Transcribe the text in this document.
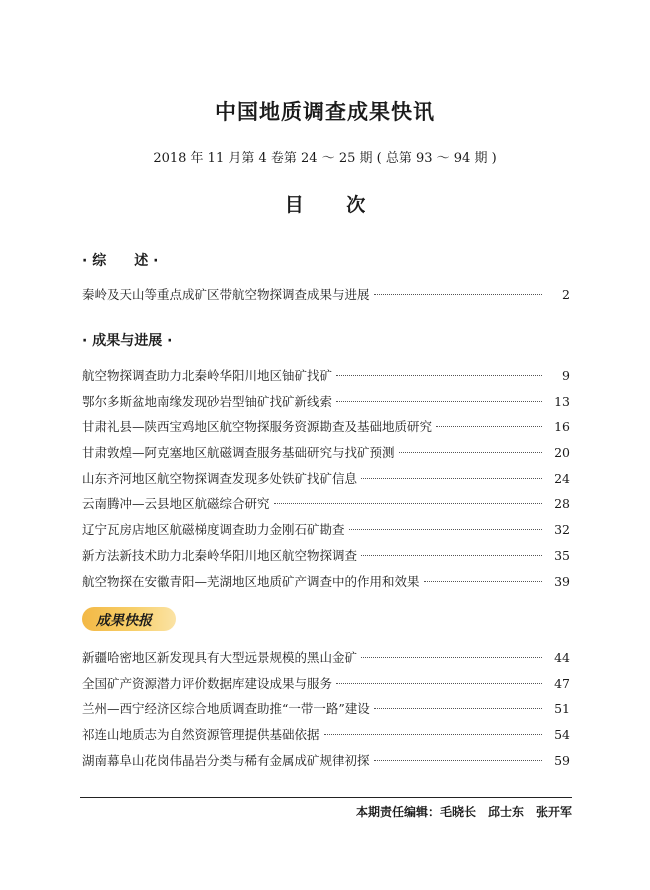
中国地质调查成果快讯
2018 年 11 月第 4 卷第 24 ～ 25 期 ( 总第 93 ～ 94 期 )
目 次
· 综　　述 ·
秦岭及天山等重点成矿区带航空物探调查成果与进展	2
· 成果与进展 ·
航空物探调查助力北秦岭华阳川地区铀矿找矿	9
鄂尔多斯盆地南缘发现砂岩型铀矿找矿新线索	13
甘肃礼县—陕西宝鸡地区航空物探服务资源勘查及基础地质研究	16
甘肃敦煌—阿克塞地区航磁调查服务基础研究与找矿预测	20
山东齐河地区航空物探调查发现多处铁矿找矿信息	24
云南腾冲—云县地区航磁综合研究	28
辽宁瓦房店地区航磁梯度调查助力金刚石矿勘查	32
新方法新技术助力北秦岭华阳川地区航空物探调查	35
航空物探在安徽青阳—芜湖地区地质矿产调查中的作用和效果	39
成果快报
新疆哈密地区新发现具有大型远景规模的黑山金矿	44
全国矿产资源潜力评价数据库建设成果与服务	47
兰州—西宁经济区综合地质调查助推“一带一路”建设	51
祁连山地质志为自然资源管理提供基础依据	54
湖南幕阜山花岗伟晶岩分类与稀有金属成矿规律初探	59
本期责任编辑：毛晓长　邱士东　张开军
